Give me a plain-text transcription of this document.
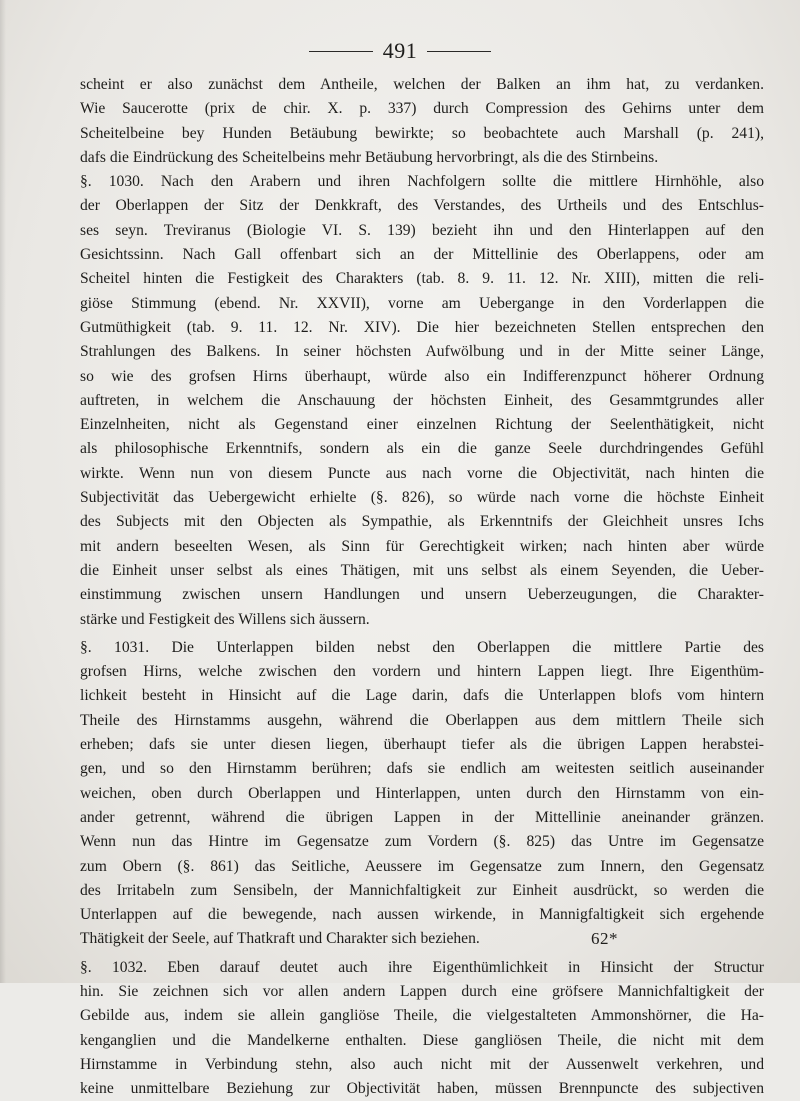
491
scheint er also zunächst dem Antheile, welchen der Balken an ihm hat, zu verdanken.
Wie Saucerotte (prix de chir. X. p. 337) durch Compression des Gehirns unter dem
Scheitelbeine bey Hunden Betäubung bewirkte; so beobachtete auch Marshall (p. 241),
dafs die Eindrückung des Scheitelbeins mehr Betäubung hervorbringt, als die des Stirnbeins.
§. 1030. Nach den Arabern und ihren Nachfolgern sollte die mittlere Hirnhöhle, also
der Oberlappen der Sitz der Denkkraft, des Verstandes, des Urtheils und des Entschlus-
ses seyn. Treviranus (Biologie VI. S. 139) bezieht ihn und den Hinterlappen auf den
Gesichtssinn. Nach Gall offenbart sich an der Mittellinie des Oberlappens, oder am
Scheitel hinten die Festigkeit des Charakters (tab. 8. 9. 11. 12. Nr. XIII), mitten die reli-
giöse Stimmung (ebend. Nr. XXVII), vorne am Uebergange in den Vorderlappen die
Gutmüthigkeit (tab. 9. 11. 12. Nr. XIV). Die hier bezeichneten Stellen entsprechen den
Strahlungen des Balkens. In seiner höchsten Aufwölbung und in der Mitte seiner Länge,
so wie des grofsen Hirns überhaupt, würde also ein Indifferenzpunct höherer Ordnung
auftreten, in welchem die Anschauung der höchsten Einheit, des Gesammtgrundes aller
Einzelnheiten, nicht als Gegenstand einer einzelnen Richtung der Seelenthätigkeit, nicht
als philosophische Erkenntnifs, sondern als ein die ganze Seele durchdringendes Gefühl
wirkte. Wenn nun von diesem Puncte aus nach vorne die Objectivität, nach hinten die
Subjectivität das Uebergewicht erhielte (§. 826), so würde nach vorne die höchste Einheit
des Subjects mit den Objecten als Sympathie, als Erkenntnifs der Gleichheit unsres Ichs
mit andern beseelten Wesen, als Sinn für Gerechtigkeit wirken; nach hinten aber würde
die Einheit unser selbst als eines Thätigen, mit uns selbst als einem Seyenden, die Ueber-
einstimmung zwischen unsern Handlungen und unsern Ueberzeugungen, die Charakter-
stärke und Festigkeit des Willens sich äussern.
§. 1031. Die Unterlappen bilden nebst den Oberlappen die mittlere Partie des
grofsen Hirns, welche zwischen den vordern und hintern Lappen liegt. Ihre Eigenthüm-
lichkeit besteht in Hinsicht auf die Lage darin, dafs die Unterlappen blofs vom hintern
Theile des Hirnstamms ausgehn, während die Oberlappen aus dem mittlern Theile sich
erheben; dafs sie unter diesen liegen, überhaupt tiefer als die übrigen Lappen herabstei-
gen, und so den Hirnstamm berühren; dafs sie endlich am weitesten seitlich auseinander
weichen, oben durch Oberlappen und Hinterlappen, unten durch den Hirnstamm von ein-
ander getrennt, während die übrigen Lappen in der Mittellinie aneinander gränzen.
Wenn nun das Hintre im Gegensatze zum Vordern (§. 825) das Untre im Gegensatze
zum Obern (§. 861) das Seitliche, Aeussere im Gegensatze zum Innern, den Gegensatz
des Irritabeln zum Sensibeln, der Mannichfaltigkeit zur Einheit ausdrückt, so werden die
Unterlappen auf die bewegende, nach aussen wirkende, in Mannigfaltigkeit sich ergehende
Thätigkeit der Seele, auf Thatkraft und Charakter sich beziehen.
§. 1032. Eben darauf deutet auch ihre Eigenthümlichkeit in Hinsicht der Structur
hin. Sie zeichnen sich vor allen andern Lappen durch eine gröfsere Mannichfaltigkeit der
Gebilde aus, indem sie allein gangliöse Theile, die vielgestalteten Ammonshörner, die Ha-
kenganglien und die Mandelkerne enthalten. Diese gangliösen Theile, die nicht mit dem
Hirnstamme in Verbindung stehn, also auch nicht mit der Aussenwelt verkehren, und
keine unmittelbare Beziehung zur Objectivität haben, müssen Brennpuncte des subjectiven
62*
